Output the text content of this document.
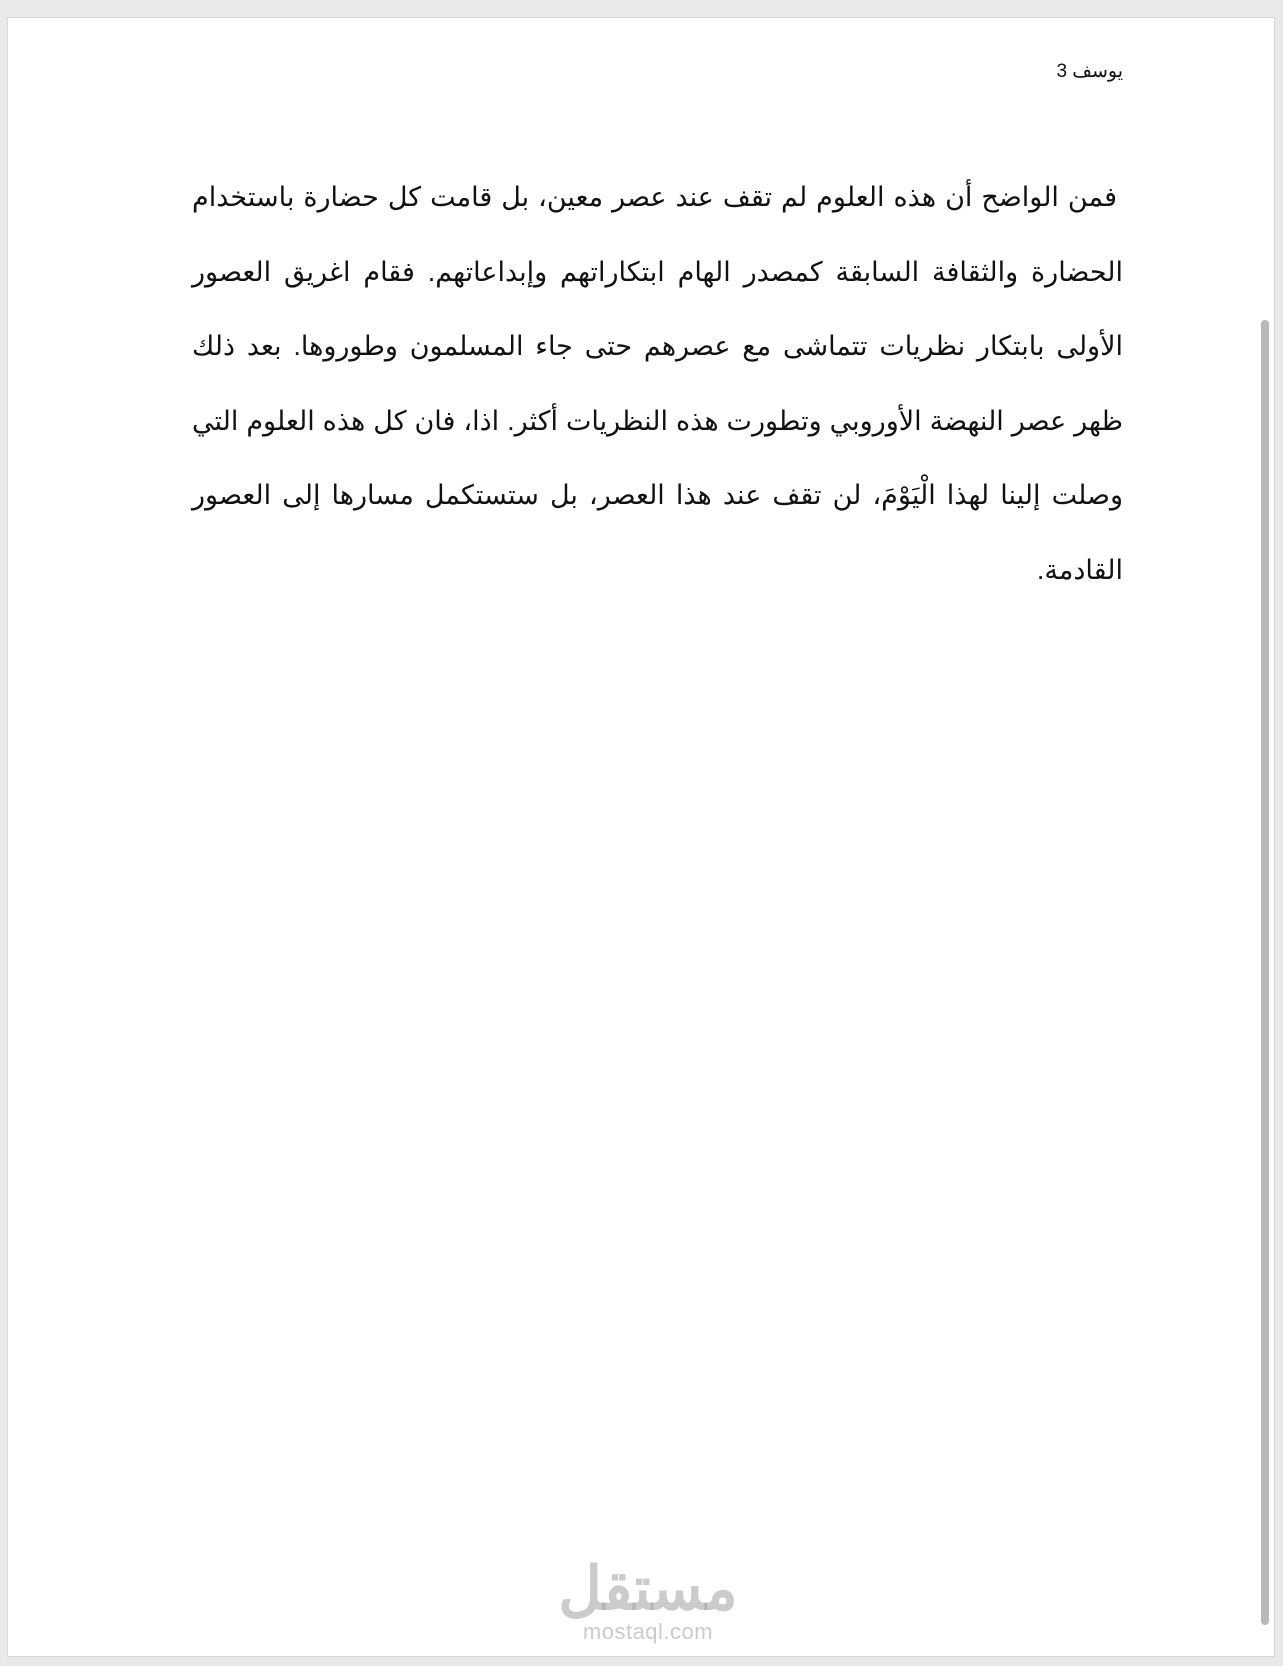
يوسف 3
فمن الواضح أن هذه العلوم لم تقف عند عصر معين، بل قامت كل حضارة باستخدام الحضارة والثقافة السابقة كمصدر الهام ابتكاراتهم وإبداعاتهم. فقام اغريق العصور الأولى بابتكار نظريات تتماشى مع عصرهم حتى جاء المسلمون وطوروها. بعد ذلك ظهر عصر النهضة الأوروبي وتطورت هذه النظريات أكثر. اذا، فان كل هذه العلوم التي وصلت إلينا لهذا الْيَوْمَ، لن تقف عند هذا العصر، بل ستستكمل مسارها إلى العصور القادمة.
مستقل
mostaql.com
